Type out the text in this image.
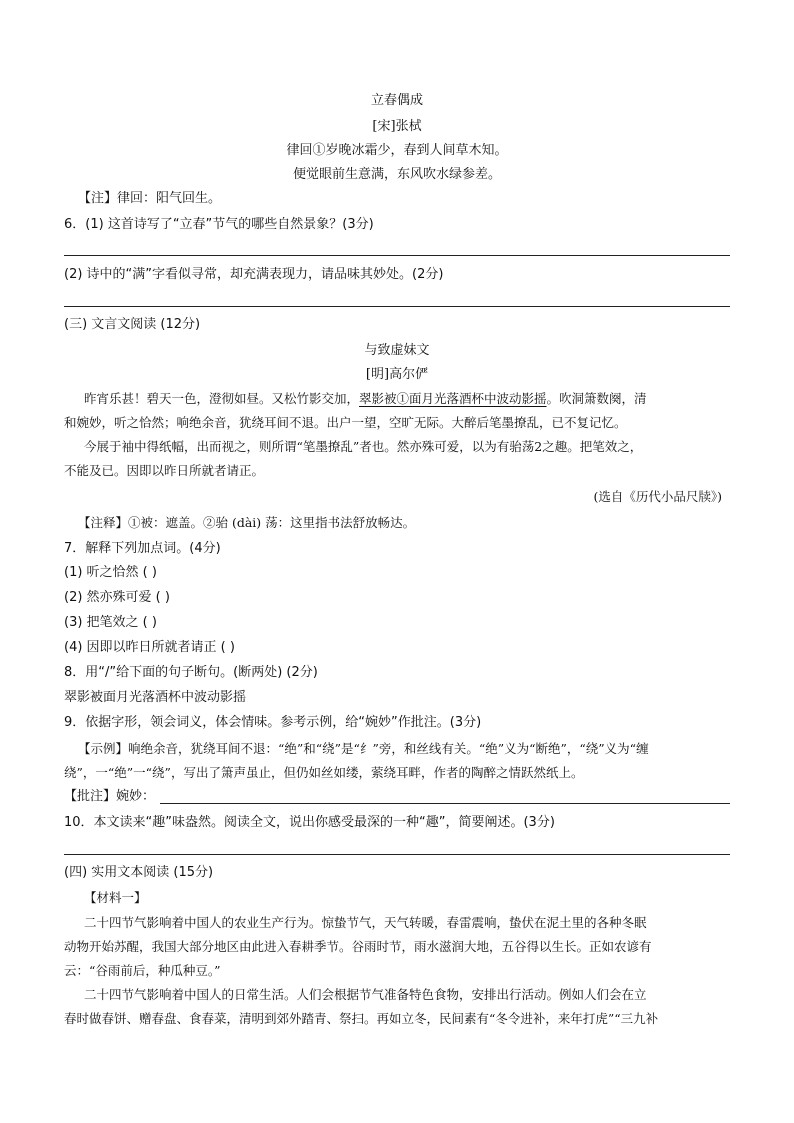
立春偶成
[宋]张栻
律回①岁晚冰霜少，春到人间草木知。
便觉眼前生意满，东风吹水绿参差。
【注】律回：阳气回生。
6．(1) 这首诗写了“立春”节气的哪些自然景象？(3分)
(2) 诗中的“满”字看似寻常，却充满表现力，请品味其妙处。(2分)
(三) 文言文阅读 (12分)
与致虚妹文
[明]高尔俨
昨宵乐甚！碧天一色，澄彻如昼。又松竹影交加，翠影被①面月光落酒杯中波动影摇。吹洞箫数阕，清
和婉妙，听之恰然；响绝余音，犹绕耳间不退。出户一望，空旷无际。大醉后笔墨撩乱，已不复记忆。
今展于袖中得纸幅，出而视之，则所谓“笔墨撩乱”者也。然亦殊可爱，以为有骀荡2之趣。把笔效之，
不能及已。因即以昨日所就者请正。
(选自《历代小品尺牍》)
【注释】①被：遮盖。②骀 (dài) 荡：这里指书法舒放畅达。
7．解释下列加点词。(4分)
(1) 听之恰然 ( )
(2) 然亦殊可爱 ( )
(3) 把笔效之 ( )
(4) 因即以昨日所就者请正 ( )
8．用“/”给下面的句子断句。(断两处) (2分)
翠影被面月光落酒杯中波动影摇
9．依据字形，领会词义，体会情味。参考示例，给“婉妙”作批注。(3分)
【示例】响绝余音，犹绕耳间不退：“绝”和“绕”是“纟”旁，和丝线有关。“绝”义为“断绝”，“绕”义为“缠
绕”，一“绝”一“绕”，写出了箫声虽止，但仍如丝如缕，萦绕耳畔，作者的陶醉之情跃然纸上。
【批注】婉妙：
10．本文读来“趣”味盎然。阅读全文，说出你感受最深的一种“趣”，简要阐述。(3分)
(四) 实用文本阅读 (15分)
【材料一】
二十四节气影响着中国人的农业生产行为。惊蛰节气，天气转暖，春雷震响，蛰伏在泥土里的各种冬眠
动物开始苏醒，我国大部分地区由此进入春耕季节。谷雨时节，雨水滋润大地，五谷得以生长。正如农谚有
云：“谷雨前后，种瓜种豆。”
二十四节气影响着中国人的日常生活。人们会根据节气准备特色食物，安排出行活动。例如人们会在立
春时做春饼、赠春盘、食春菜，清明到郊外踏青、祭扫。再如立冬，民间素有“冬令进补，来年打虎”“三九补
